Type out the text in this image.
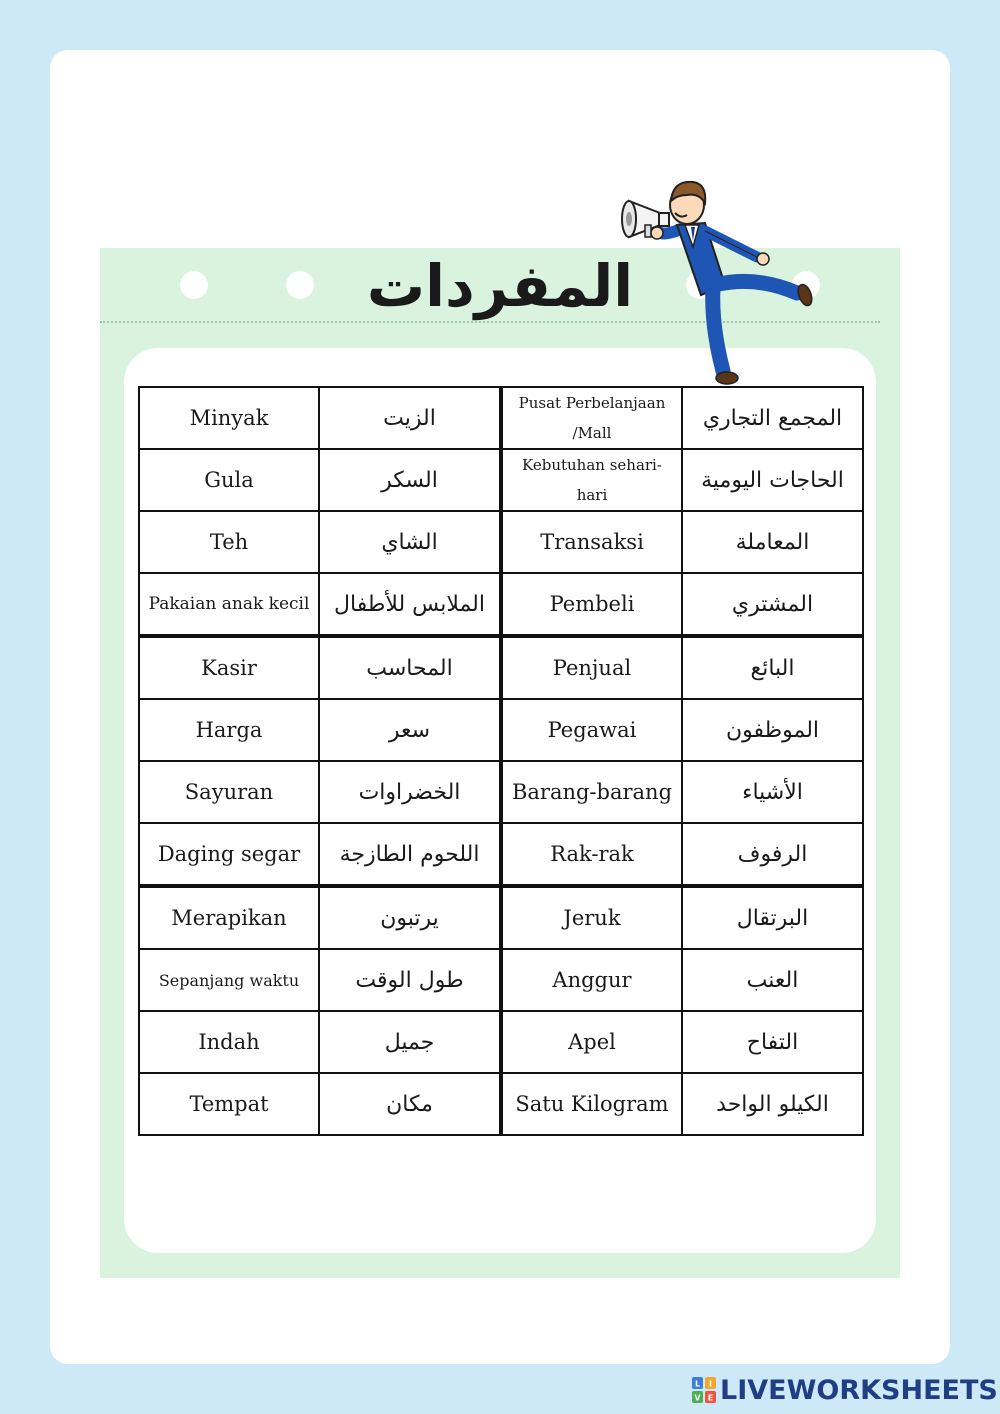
المفردات
Minyak	الزيت	Pusat Perbelanjaan /Mall	المجمع التجاري
Gula	السكر	Kebutuhan sehari-hari	الحاجات اليومية
Teh	الشاي	Transaksi	المعاملة
Pakaian anak kecil	الملابس للأطفال	Pembeli	المشتري
Kasir	المحاسب	Penjual	البائع
Harga	سعر	Pegawai	الموظفون
Sayuran	الخضراوات	Barang-barang	الأشياء
Daging segar	اللحوم الطازجة	Rak-rak	الرفوف
Merapikan	يرتبون	Jeruk	البرتقال
Sepanjang waktu	طول الوقت	Anggur	العنب
Indah	جميل	Apel	التفاح
Tempat	مكان	Satu Kilogram	الكيلو الواحد
L I
V E LIVEWORKSHEETS
